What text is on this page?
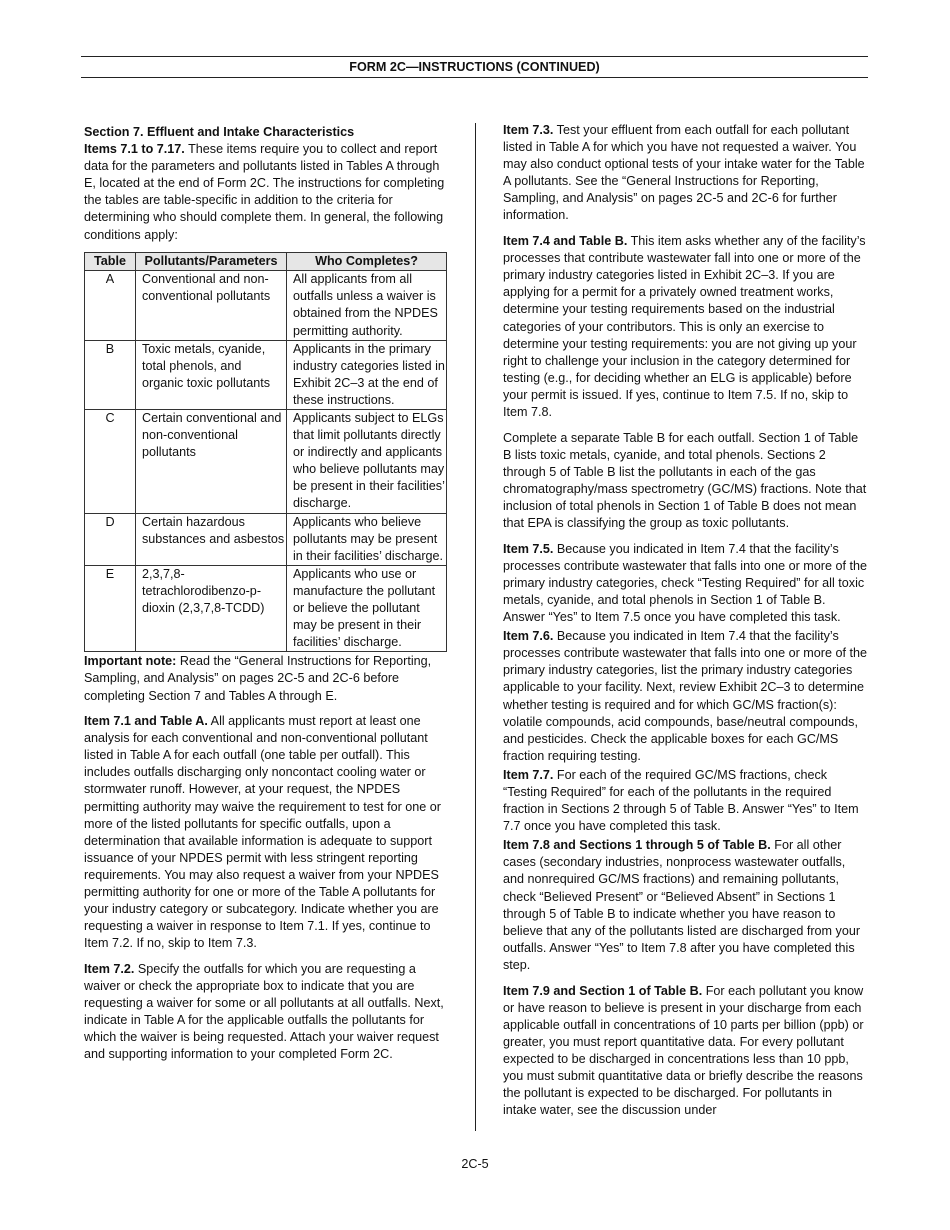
FORM 2C—INSTRUCTIONS (CONTINUED)
Section 7. Effluent and Intake Characteristics

Items 7.1 to 7.17. These items require you to collect and report data for the parameters and pollutants listed in Tables A through E, located at the end of Form 2C. The instructions for completing the tables are table-specific in addition to the criteria for determining who should complete them. In general, the following conditions apply:

Table	Pollutants/Parameters	Who Completes?
A	Conventional and non-conventional pollutants	All applicants from all outfalls unless a waiver is obtained from the NPDES permitting authority.
B	Toxic metals, cyanide, total phenols, and organic toxic pollutants	Applicants in the primary industry categories listed in Exhibit 2C–3 at the end of these instructions.
C	Certain conventional and non-conventional pollutants	Applicants subject to ELGs that limit pollutants directly or indirectly and applicants who believe pollutants may be present in their facilities’ discharge.
D	Certain hazardous substances and asbestos	Applicants who believe pollutants may be present in their facilities’ discharge.
E	2,3,7,8-tetrachlorodibenzo-p-dioxin (2,3,7,8-TCDD)	Applicants who use or manufacture the pollutant or believe the pollutant may be present in their facilities’ discharge.

Important note: Read the “General Instructions for Reporting, Sampling, and Analysis” on pages 2C-5 and 2C-6 before completing Section 7 and Tables A through E.

Item 7.1 and Table A. All applicants must report at least one analysis for each conventional and non-conventional pollutant listed in Table A for each outfall (one table per outfall). This includes outfalls discharging only noncontact cooling water or stormwater runoff. However, at your request, the NPDES permitting authority may waive the requirement to test for one or more of the listed pollutants for specific outfalls, upon a determination that available information is adequate to support issuance of your NPDES permit with less stringent reporting requirements. You may also request a waiver from your NPDES permitting authority for one or more of the Table A pollutants for your industry category or subcategory. Indicate whether you are requesting a waiver in response to Item 7.1. If yes, continue to Item 7.2. If no, skip to Item 7.3.

Item 7.2. Specify the outfalls for which you are requesting a waiver or check the appropriate box to indicate that you are requesting a waiver for some or all pollutants at all outfalls. Next, indicate in Table A for the applicable outfalls the pollutants for which the waiver is being requested. Attach your waiver request and supporting information to your completed Form 2C.

Item 7.3. Test your effluent from each outfall for each pollutant listed in Table A for which you have not requested a waiver. You may also conduct optional tests of your intake water for the Table A pollutants. See the “General Instructions for Reporting, Sampling, and Analysis” on pages 2C-5 and 2C-6 for further information.

Item 7.4 and Table B. This item asks whether any of the facility’s processes that contribute wastewater fall into one or more of the primary industry categories listed in Exhibit 2C–3. If you are applying for a permit for a privately owned treatment works, determine your testing requirements based on the industrial categories of your contributors. This is only an exercise to determine your testing requirements: you are not giving up your right to challenge your inclusion in the category determined for testing (e.g., for deciding whether an ELG is applicable) before your permit is issued. If yes, continue to Item 7.5. If no, skip to Item 7.8.

Complete a separate Table B for each outfall. Section 1 of Table B lists toxic metals, cyanide, and total phenols. Sections 2 through 5 of Table B list the pollutants in each of the gas chromatography/mass spectrometry (GC/MS) fractions. Note that inclusion of total phenols in Section 1 of Table B does not mean that EPA is classifying the group as toxic pollutants.

Item 7.5. Because you indicated in Item 7.4 that the facility’s processes contribute wastewater that falls into one or more of the primary industry categories, check “Testing Required” for all toxic metals, cyanide, and total phenols in Section 1 of Table B. Answer “Yes” to Item 7.5 once you have completed this task.

Item 7.6. Because you indicated in Item 7.4 that the facility’s processes contribute wastewater that falls into one or more of the primary industry categories, list the primary industry categories applicable to your facility. Next, review Exhibit 2C–3 to determine whether testing is required and for which GC/MS fraction(s): volatile compounds, acid compounds, base/neutral compounds, and pesticides. Check the applicable boxes for each GC/MS fraction requiring testing.

Item 7.7. For each of the required GC/MS fractions, check “Testing Required” for each of the pollutants in the required fraction in Sections 2 through 5 of Table B. Answer “Yes” to Item 7.7 once you have completed this task.

Item 7.8 and Sections 1 through 5 of Table B. For all other cases (secondary industries, nonprocess wastewater outfalls, and nonrequired GC/MS fractions) and remaining pollutants, check “Believed Present” or “Believed Absent” in Sections 1 through 5 of Table B to indicate whether you have reason to believe that any of the pollutants listed are discharged from your outfalls. Answer “Yes” to Item 7.8 after you have completed this step.

Item 7.9 and Section 1 of Table B. For each pollutant you know or have reason to believe is present in your discharge from each applicable outfall in concentrations of 10 parts per billion (ppb) or greater, you must report quantitative data. For every pollutant expected to be discharged in concentrations less than 10 ppb, you must submit quantitative data or briefly describe the reasons the pollutant is expected to be discharged. For pollutants in intake water, see the discussion under

2C-5
